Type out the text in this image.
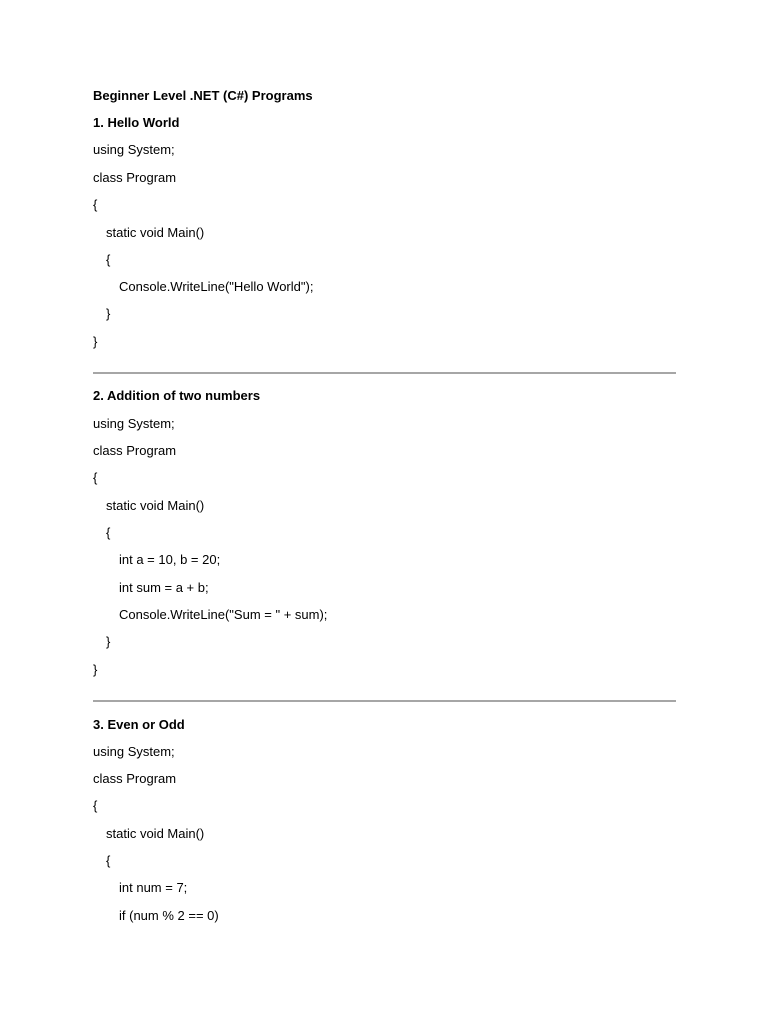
Beginner Level .NET (C#) Programs
1. Hello World
using System;
class Program
{
static void Main()
{
Console.WriteLine("Hello World");
}
}
2. Addition of two numbers
using System;
class Program
{
static void Main()
{
int a = 10, b = 20;
int sum = a + b;
Console.WriteLine("Sum = " + sum);
}
}
3. Even or Odd
using System;
class Program
{
static void Main()
{
int num = 7;
if (num % 2 == 0)
